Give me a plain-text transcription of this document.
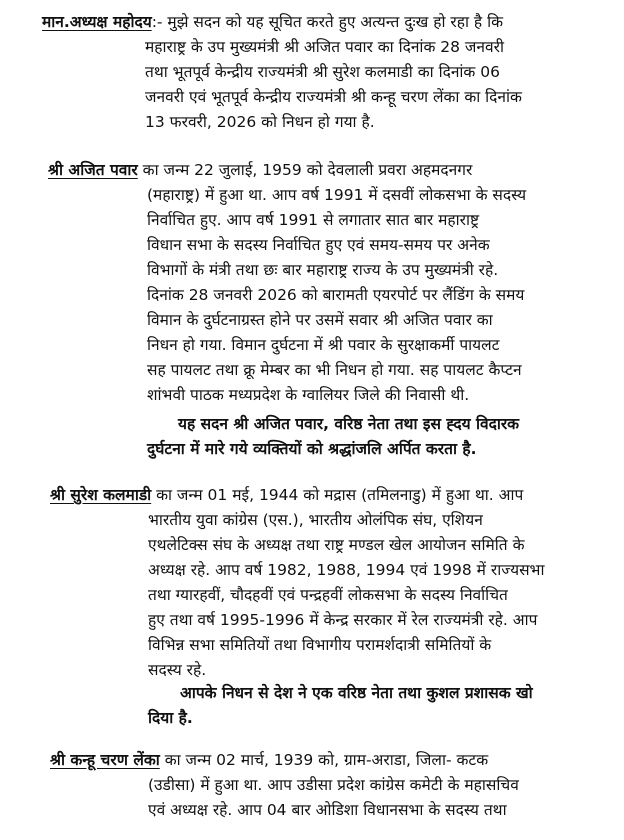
मान.अध्यक्ष महोदय:- मुझे सदन को यह सूचित करते हुए अत्यन्त दुःख हो रहा है कि
महाराष्ट्र के उप मुख्यमंत्री श्री अजित पवार का दिनांक 28 जनवरी
तथा भूतपूर्व केन्द्रीय राज्यमंत्री श्री सुरेश कलमाडी का दिनांक 06
जनवरी एवं भूतपूर्व केन्द्रीय राज्यमंत्री श्री कन्हू चरण लेंका का दिनांक
13 फरवरी, 2026 को निधन हो गया है.
श्री अजित पवार का जन्म 22 जुलाई, 1959 को देवलाली प्रवरा अहमदनगर
(महाराष्ट्र) में हुआ था. आप वर्ष 1991 में दसवीं लोकसभा के सदस्य
निर्वाचित हुए. आप वर्ष 1991 से लगातार सात बार महाराष्ट्र
विधान सभा के सदस्य निर्वाचित हुए एवं समय-समय पर अनेक
विभागों के मंत्री तथा छः बार महाराष्ट्र राज्य के उप मुख्यमंत्री रहे.
दिनांक 28 जनवरी 2026 को बारामती एयरपोर्ट पर लैंडिंग के समय
विमान के दुर्घटनाग्रस्त होने पर उसमें सवार श्री अजित पवार का
निधन हो गया. विमान दुर्घटना में श्री पवार के सुरक्षाकर्मी पायलट
सह पायलट तथा क्रू मेम्बर का भी निधन हो गया. सह पायलट कैप्टन
शांभवी पाठक मध्यप्रदेश के ग्वालियर जिले की निवासी थी.
यह सदन श्री अजित पवार, वरिष्ठ नेता तथा इस ह्दय विदारक
दुर्घटना में मारे गये व्यक्तियों को श्रद्धांजलि अर्पित करता है.
श्री सुरेश कलमाडी का जन्म 01 मई, 1944 को मद्रास (तमिलनाडु) में हुआ था. आप
भारतीय युवा कांग्रेस (एस.), भारतीय ओलंपिक संघ, एशियन
एथलेटिक्स संघ के अध्यक्ष तथा राष्ट्र मण्डल खेल आयोजन समिति के
अध्यक्ष रहे. आप वर्ष 1982, 1988, 1994 एवं 1998 में राज्यसभा
तथा ग्यारहवीं, चौदहवीं एवं पन्द्रहवीं लोकसभा के सदस्य निर्वाचित
हुए तथा वर्ष 1995-1996 में केन्द्र सरकार में रेल राज्यमंत्री रहे. आप
विभिन्न सभा समितियों तथा विभागीय परामर्शदात्री समितियों के
सदस्य रहे.
आपके निधन से देश ने एक वरिष्ठ नेता तथा कुशल प्रशासक खो
दिया है.
श्री कन्हू चरण लेंका का जन्म 02 मार्च, 1939 को, ग्राम-अराडा, जिला- कटक
(उडीसा) में हुआ था. आप उडीसा प्रदेश कांग्रेस कमेटी के महासचिव
एवं अध्यक्ष रहे. आप 04 बार ओडिशा विधानसभा के सदस्य तथा
